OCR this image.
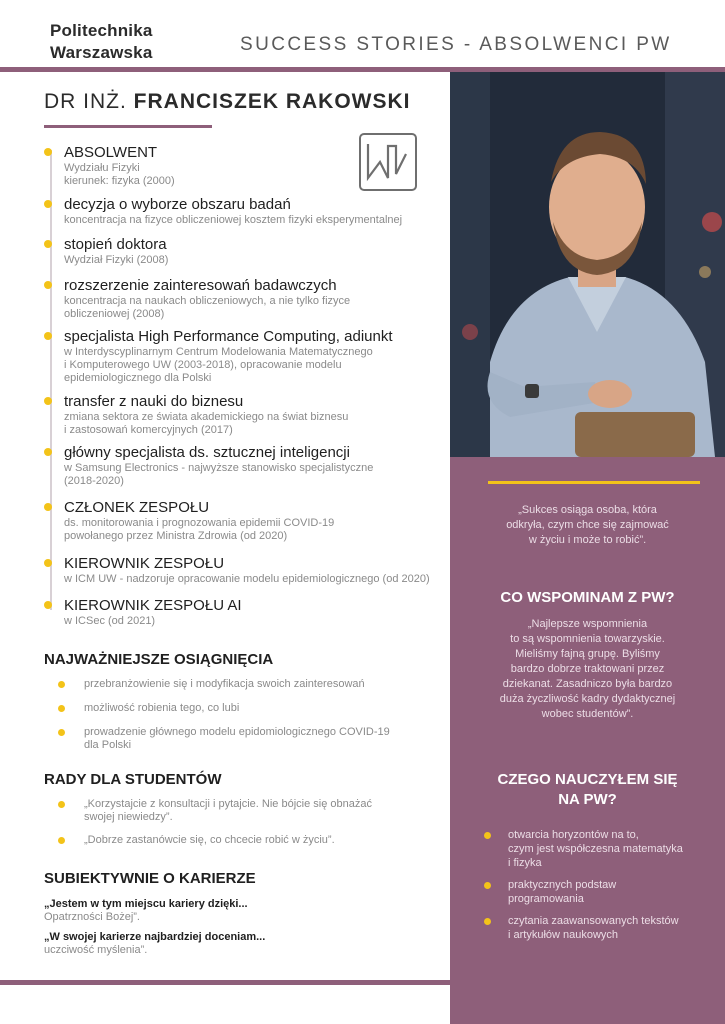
Politechnika
Warszawska	SUCCESS STORIES - ABSOLWENCI PW
„Sukces osiąga osoba, która
odkryła, czym chce się zajmować
w życiu i może to robić”.
CO WSPOMINAM Z PW?
„Najlepsze wspomnienia
to są wspomnienia towarzyskie.
Mieliśmy fajną grupę. Byliśmy
bardzo dobrze traktowani przez
dziekanat. Zasadniczo była bardzo
duża życzliwość kadry dydaktycznej
wobec studentów”.
CZEGO NAUCZYŁEM SIĘ
NA PW?
otwarcia horyzontów na to,
czym jest współczesna matematyka
i fizyka
praktycznych podstaw
programowania
czytania zaawansowanych tekstów
i artykułów naukowych
DR INŻ. FRANCISZEK RAKOWSKI
ABSOLWENT
Wydziału Fizyki
kierunek: fizyka (2000)
decyzja o wyborze obszaru badań
koncentracja na fizyce obliczeniowej kosztem fizyki eksperymentalnej
stopień doktora
Wydział Fizyki (2008)
rozszerzenie zainteresowań badawczych
koncentracja na naukach obliczeniowych, a nie tylko fizyce
obliczeniowej (2008)
specjalista High Performance Computing, adiunkt
w Interdyscyplinarnym Centrum Modelowania Matematycznego
i Komputerowego UW (2003-2018), opracowanie modelu
epidemiologicznego dla Polski
transfer z nauki do biznesu
zmiana sektora ze świata akademickiego na świat biznesu
i zastosowań komercyjnych (2017)
główny specjalista ds. sztucznej inteligencji
w Samsung Electronics - najwyższe stanowisko specjalistyczne
(2018-2020)
CZŁONEK ZESPOŁU
ds. monitorowania i prognozowania epidemii COVID-19
powołanego przez Ministra Zdrowia (od 2020)
KIEROWNIK ZESPOŁU
w ICM UW - nadzoruje opracowanie modelu epidemiologicznego (od 2020)
KIEROWNIK ZESPOŁU AI
w ICSec (od 2021)
NAJWAŻNIEJSZE OSIĄGNIĘCIA
przebranżowienie się i modyfikacja swoich zainteresowań
możliwość robienia tego, co lubi
prowadzenie głównego modelu epidomiologicznego COVID-19
dla Polski
RADY DLA STUDENTÓW
„Korzystajcie z konsultacji i pytajcie. Nie bójcie się obnażać
swojej niewiedzy”.
„Dobrze zastanówcie się, co chcecie robić w życiu”.
SUBIEKTYWNIE O KARIERZE
„Jestem w tym miejscu kariery dzięki...
Opatrzności Bożej”.
„W swojej karierze najbardziej doceniam...
uczciwość myślenia”.
